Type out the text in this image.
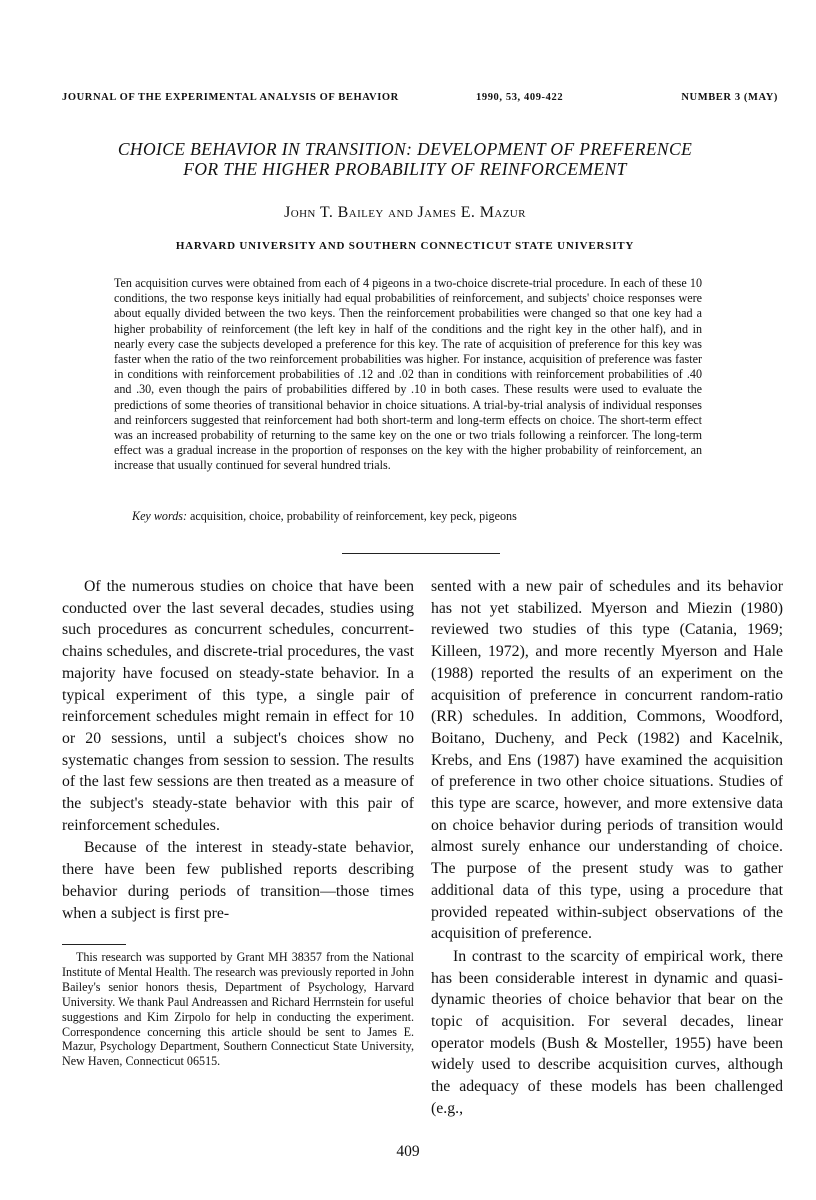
JOURNAL OF THE EXPERIMENTAL ANALYSIS OF BEHAVIOR	1990, 53, 409-422	NUMBER 3 (MAY)
CHOICE BEHAVIOR IN TRANSITION: DEVELOPMENT OF PREFERENCE FOR THE HIGHER PROBABILITY OF REINFORCEMENT
John T. Bailey and James E. Mazur
HARVARD UNIVERSITY AND SOUTHERN CONNECTICUT STATE UNIVERSITY

Ten acquisition curves were obtained from each of 4 pigeons in a two-choice discrete-trial procedure. In each of these 10 conditions, the two response keys initially had equal probabilities of reinforcement, and subjects' choice responses were about equally divided between the two keys. Then the reinforcement probabilities were changed so that one key had a higher probability of reinforcement (the left key in half of the conditions and the right key in the other half), and in nearly every case the subjects developed a preference for this key. The rate of acquisition of preference for this key was faster when the ratio of the two reinforcement probabilities was higher. For instance, acquisition of preference was faster in conditions with reinforcement probabilities of .12 and .02 than in conditions with reinforcement probabilities of .40 and .30, even though the pairs of probabilities differed by .10 in both cases. These results were used to evaluate the predictions of some theories of transitional behavior in choice situations. A trial-by-trial analysis of individual responses and reinforcers suggested that reinforcement had both short-term and long-term effects on choice. The short-term effect was an increased probability of returning to the same key on the one or two trials following a reinforcer. The long-term effect was a gradual increase in the proportion of responses on the key with the higher probability of reinforcement, an increase that usually continued for several hundred trials.

Key words: acquisition, choice, probability of reinforcement, key peck, pigeons

Of the numerous studies on choice that have been conducted over the last several decades, studies using such procedures as concurrent schedules, concurrent-chains schedules, and discrete-trial procedures, the vast majority have focused on steady-state behavior. In a typical experiment of this type, a single pair of reinforcement schedules might remain in effect for 10 or 20 sessions, until a subject's choices show no systematic changes from session to session. The results of the last few sessions are then treated as a measure of the subject's steady-state behavior with this pair of reinforcement schedules.

Because of the interest in steady-state behavior, there have been few published reports describing behavior during periods of transition—those times when a subject is first pre-

sented with a new pair of schedules and its behavior has not yet stabilized. Myerson and Miezin (1980) reviewed two studies of this type (Catania, 1969; Killeen, 1972), and more recently Myerson and Hale (1988) reported the results of an experiment on the acquisition of preference in concurrent random-ratio (RR) schedules. In addition, Commons, Woodford, Boitano, Ducheny, and Peck (1982) and Kacelnik, Krebs, and Ens (1987) have examined the acquisition of preference in two other choice situations. Studies of this type are scarce, however, and more extensive data on choice behavior during periods of transition would almost surely enhance our understanding of choice. The purpose of the present study was to gather additional data of this type, using a procedure that provided repeated within-subject observations of the acquisition of preference.

In contrast to the scarcity of empirical work, there has been considerable interest in dynamic and quasi-dynamic theories of choice behavior that bear on the topic of acquisition. For several decades, linear operator models (Bush & Mosteller, 1955) have been widely used to describe acquisition curves, although the adequacy of these models has been challenged (e.g.,

This research was supported by Grant MH 38357 from the National Institute of Mental Health. The research was previously reported in John Bailey's senior honors thesis, Department of Psychology, Harvard University. We thank Paul Andreassen and Richard Herrnstein for useful suggestions and Kim Zirpolo for help in conducting the experiment. Correspondence concerning this article should be sent to James E. Mazur, Psychology Department, Southern Connecticut State University, New Haven, Connecticut 06515.

409
